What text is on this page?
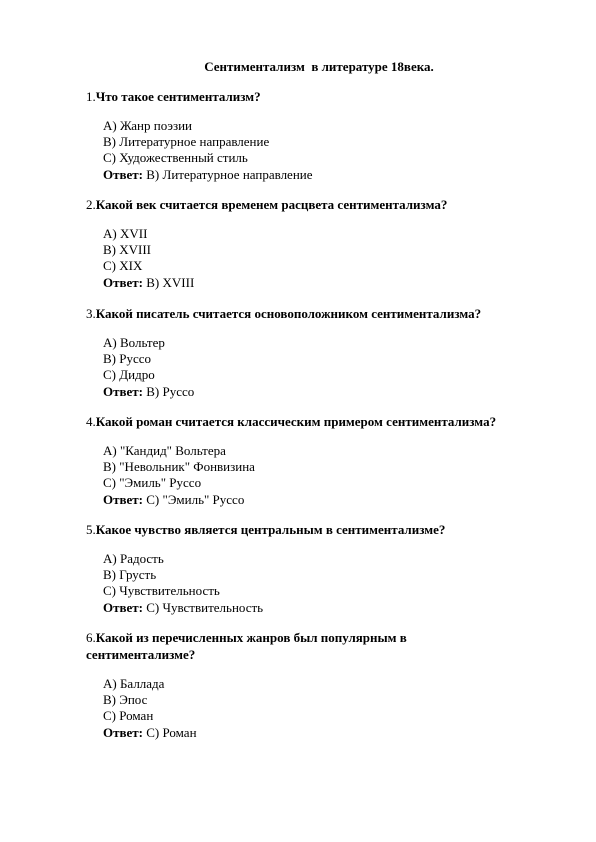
Сентиментализм  в литературе 18века.
1.Что такое сентиментализм?
A) Жанр поэзии
B) Литературное направление
C) Художественный стиль
Ответ: B) Литературное направление
2.Какой век считается временем расцвета сентиментализма?
A) XVII
B) XVIII
C) XIX
Ответ: B) XVIII
3.Какой писатель считается основоположником сентиментализма?
A) Вольтер
B) Руссо
C) Дидро
Ответ: B) Руссо
4.Какой роман считается классическим примером сентиментализма?
A) "Кандид" Вольтера
B) "Невольник" Фонвизина
C) "Эмиль" Руссо
Ответ: C) "Эмиль" Руссо
5.Какое чувство является центральным в сентиментализме?
A) Радость
B) Грусть
C) Чувствительность
Ответ: C) Чувствительность
6.Какой из перечисленных жанров был популярным в сентиментализме?
A) Баллада
B) Эпос
C) Роман
Ответ: C) Роман
